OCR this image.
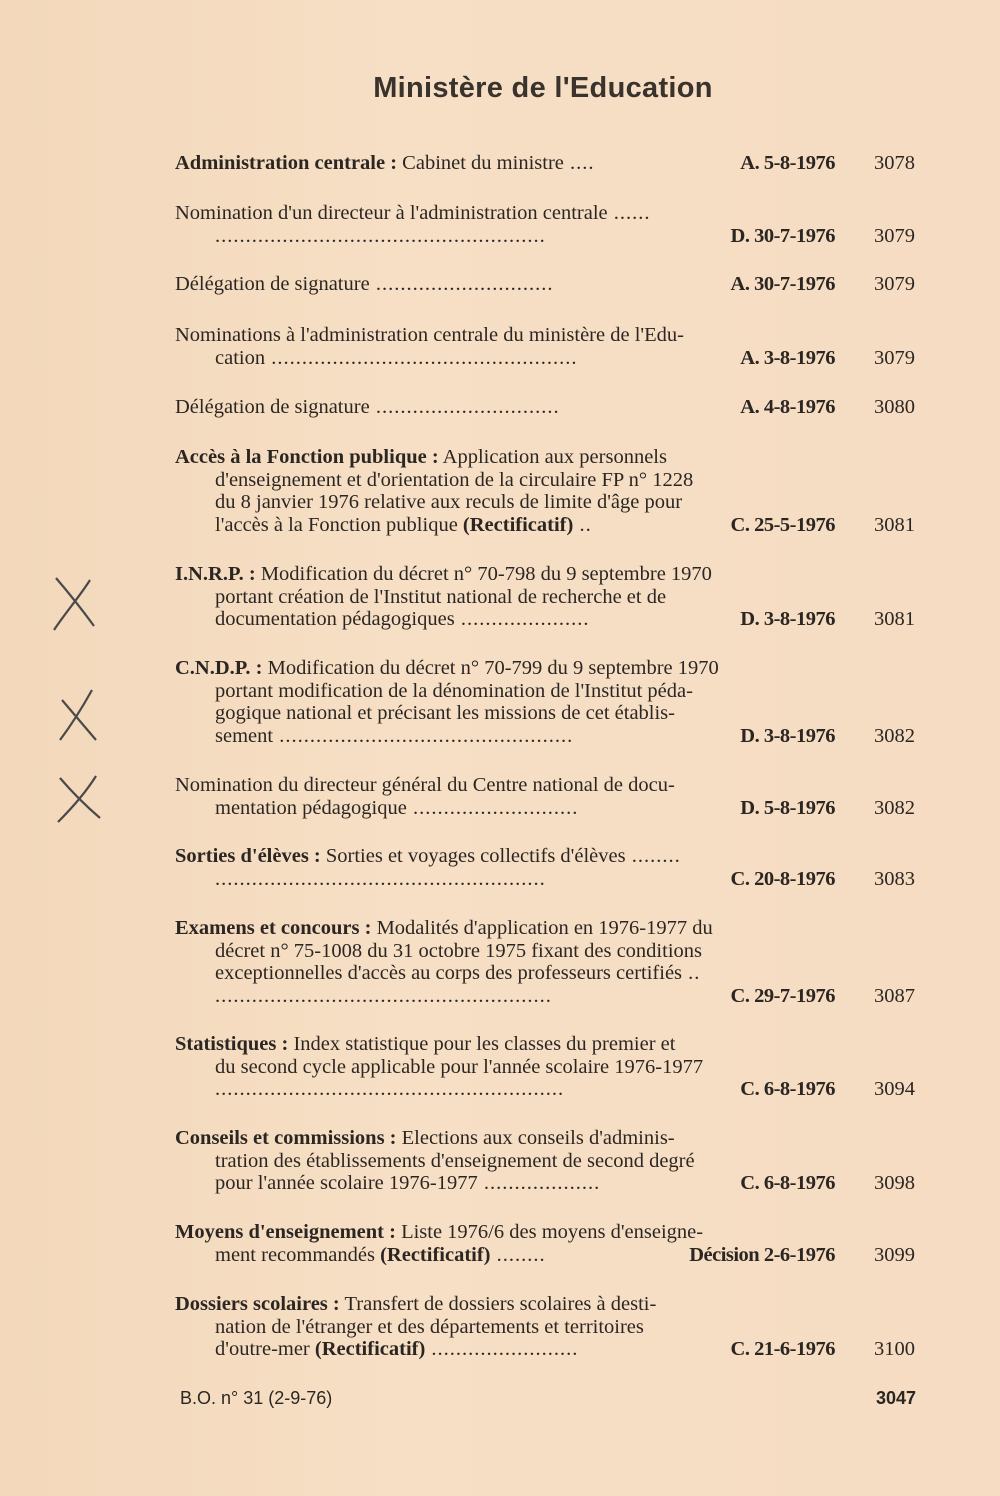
Ministère de l'Education
Administration centrale : Cabinet du ministre ....	A. 5-8-1976 3078
Nomination d'un directeur à l'administration centrale ......
......................................................	D. 30-7-1976 3079
Délégation de signature .............................	A. 30-7-1976 3079
Nominations à l'administration centrale du ministère de l'Edu-
cation ..................................................	A. 3-8-1976 3079
Délégation de signature ..............................	A. 4-8-1976 3080
Accès à la Fonction publique : Application aux personnels
d'enseignement et d'orientation de la circulaire FP n° 1228
du 8 janvier 1976 relative aux reculs de limite d'âge pour
l'accès à la Fonction publique (Rectificatif) ..	C. 25-5-1976 3081
I.N.R.P. : Modification du décret n° 70-798 du 9 septembre 1970
portant création de l'Institut national de recherche et de
documentation pédagogiques .....................	D. 3-8-1976 3081
C.N.D.P. : Modification du décret n° 70-799 du 9 septembre 1970
portant modification de la dénomination de l'Institut péda-
gogique national et précisant les missions de cet établis-
sement ................................................	D. 3-8-1976 3082
Nomination du directeur général du Centre national de docu-
mentation pédagogique ...........................	D. 5-8-1976 3082
Sorties d'élèves : Sorties et voyages collectifs d'élèves ........
......................................................	C. 20-8-1976 3083
Examens et concours : Modalités d'application en 1976-1977 du
décret n° 75-1008 du 31 octobre 1975 fixant des conditions
exceptionnelles d'accès au corps des professeurs certifiés ..
.......................................................	C. 29-7-1976 3087
Statistiques : Index statistique pour les classes du premier et
du second cycle applicable pour l'année scolaire 1976-1977
.........................................................	C. 6-8-1976 3094
Conseils et commissions : Elections aux conseils d'adminis-
tration des établissements d'enseignement de second degré
pour l'année scolaire 1976-1977 ...................	C. 6-8-1976 3098
Moyens d'enseignement : Liste 1976/6 des moyens d'enseigne-
ment recommandés (Rectificatif) ........	Décision 2-6-1976 3099
Dossiers scolaires : Transfert de dossiers scolaires à desti-
nation de l'étranger et des départements et territoires
d'outre-mer (Rectificatif) ........................	C. 21-6-1976 3100
B.O. n° 31 (2-9-76)	3047
